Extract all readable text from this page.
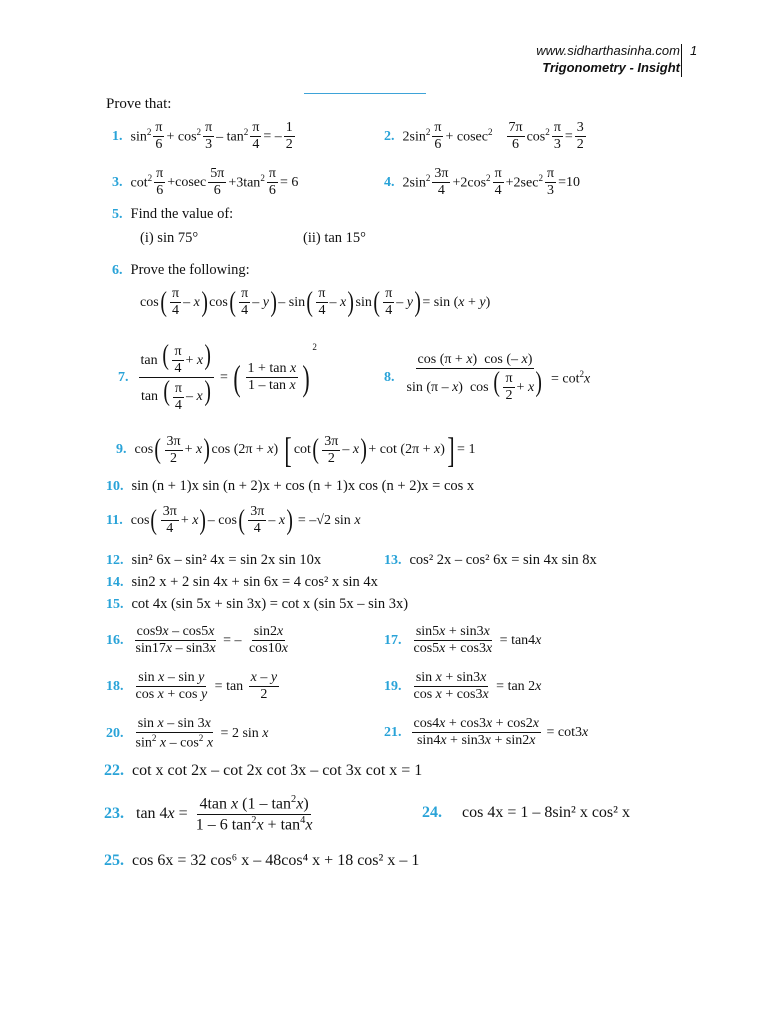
www.sidharthasinha.com
Trigonometry - Insight
1
Prove that:
1. $\sin^2 \frac{\pi}{6} + \cos^2 \frac{\pi}{3} - \tan^2 \frac{\pi}{4}$ = – $\frac{1}{2}$	2. $2\sin^2 \frac{\pi}{6} + cosec^2 \frac{7\pi}{6} \cos^2 \frac{\pi}{3} = \frac{3}{2}$
3. $\cot^2 \frac{\pi}{6} +cosec \frac{5\pi}{6} +3\tan^2 \frac{\pi}{6} = 6$	4. $2\sin^2 \frac{3\pi}{4} +2\cos^2 \frac{\pi}{4} +2\sec^2 \frac{\pi}{3} =10$
5. Find the value of:
(i) sin 75°	(ii) tan 15°
6. Prove the following:
cos ( $\frac{\pi}{4}$ – x ) cos ( $\frac{\pi}{4}$ – y ) – sin ( $\frac{\pi}{4}$ – x ) sin ( $\frac{\pi}{4}$ – y ) = sin (x + y)
7. $\frac{\tan ( \frac{\pi}{4} + x)}{\tan ( \frac{\pi}{4} - x)}$ = ( $\frac{\text{1 + tan x}}{\text{1 – tan x}}$ )
2
8. $\frac{\cos (\pi + x) \cos (- x)}{\sin (\pi - x) \cos ( \frac{\pi}{2} + x)} = \cot^2x$
9. cos ( $\frac{3\pi}{2} + x$ ) cos (2π + x) [ cot ( $\frac{3\pi}{2}$ – x ) + cot (2π + x) ] = 1
10. sin (n + 1)x sin (n + 2)x + cos (n + 1)x cos (n + 2)x = cos x
11. cos ( $\frac{3\pi}{4} + x$ ) – cos ( $\frac{3\pi}{4}$ – x ) = –√2 sin x
12. sin² 6x – sin² 4x = sin 2x sin 10x	13. cos² 2x – cos² 6x = sin 4x sin 8x
14. sin2 x + 2 sin 4x + sin 6x = 4 cos² x sin 4x
15. cot 4x (sin 5x + sin 3x) = cot x (sin 5x – sin 3x)
16. $\frac{\cos 9x - \cos 5x}{\sin 17x - \sin 3x}$ = – $\frac{\sin 2x}{\cos 10x}$	17. $\frac{\sin 5x + \sin 3x}{\cos 5x + \cos 3x} = \tan 4x$
18. $\frac{\text{sin x – sin y}}{\text{cos x + cos y}} = \tan \frac{x - y}{2}$	19. $\frac{\text{sin x + sin3x}}{\text{cos x + cos3x}} = \tan 2x$
20. $\frac{\text{sin x – sin 3x}}{\sin^2 x - \cos^2 x} = 2$ sin x	21. $\frac{\cos 4x + \cos 3x + \cos 2x}{\sin 4x + \sin 3x + \sin 2x} = \cot 3x$
22. cot x cot 2x – cot 2x cot 3x – cot 3x cot x = 1
23. $\tan 4x = \frac{4\tan x (1 - \tan^2x)}{1 - 6 \tan^2x + \tan^4x}$	24. cos 4x = 1 – 8sin² x cos² x
25. cos 6x = 32 cos⁶ x – 48cos⁴ x + 18 cos² x – 1
